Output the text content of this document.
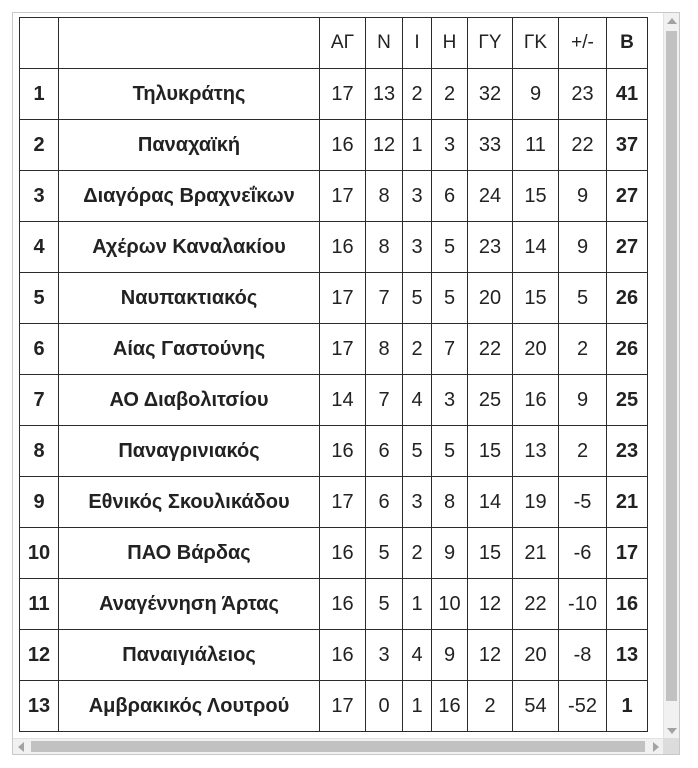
		ΑΓ	Ν	Ι	Η	ΓΥ	ΓΚ	+/-	Β
1	Τηλυκράτης	17	13	2	2	32	9	23	41
2	Παναχαϊκή	16	12	1	3	33	11	22	37
3	Διαγόρας Βραχνεΐκων	17	8	3	6	24	15	9	27
4	Αχέρων Καναλακίου	16	8	3	5	23	14	9	27
5	Ναυπακτιακός	17	7	5	5	20	15	5	26
6	Αίας Γαστούνης	17	8	2	7	22	20	2	26
7	ΑΟ Διαβολιτσίου	14	7	4	3	25	16	9	25
8	Παναγρινιακός	16	6	5	5	15	13	2	23
9	Εθνικός Σκουλικάδου	17	6	3	8	14	19	-5	21
10	ΠΑΟ Βάρδας	16	5	2	9	15	21	-6	17
11	Αναγέννηση Άρτας	16	5	1	10	12	22	-10	16
12	Παναιγιάλειος	16	3	4	9	12	20	-8	13
13	Αμβρακικός Λουτρού	17	0	1	16	2	54	-52	1
